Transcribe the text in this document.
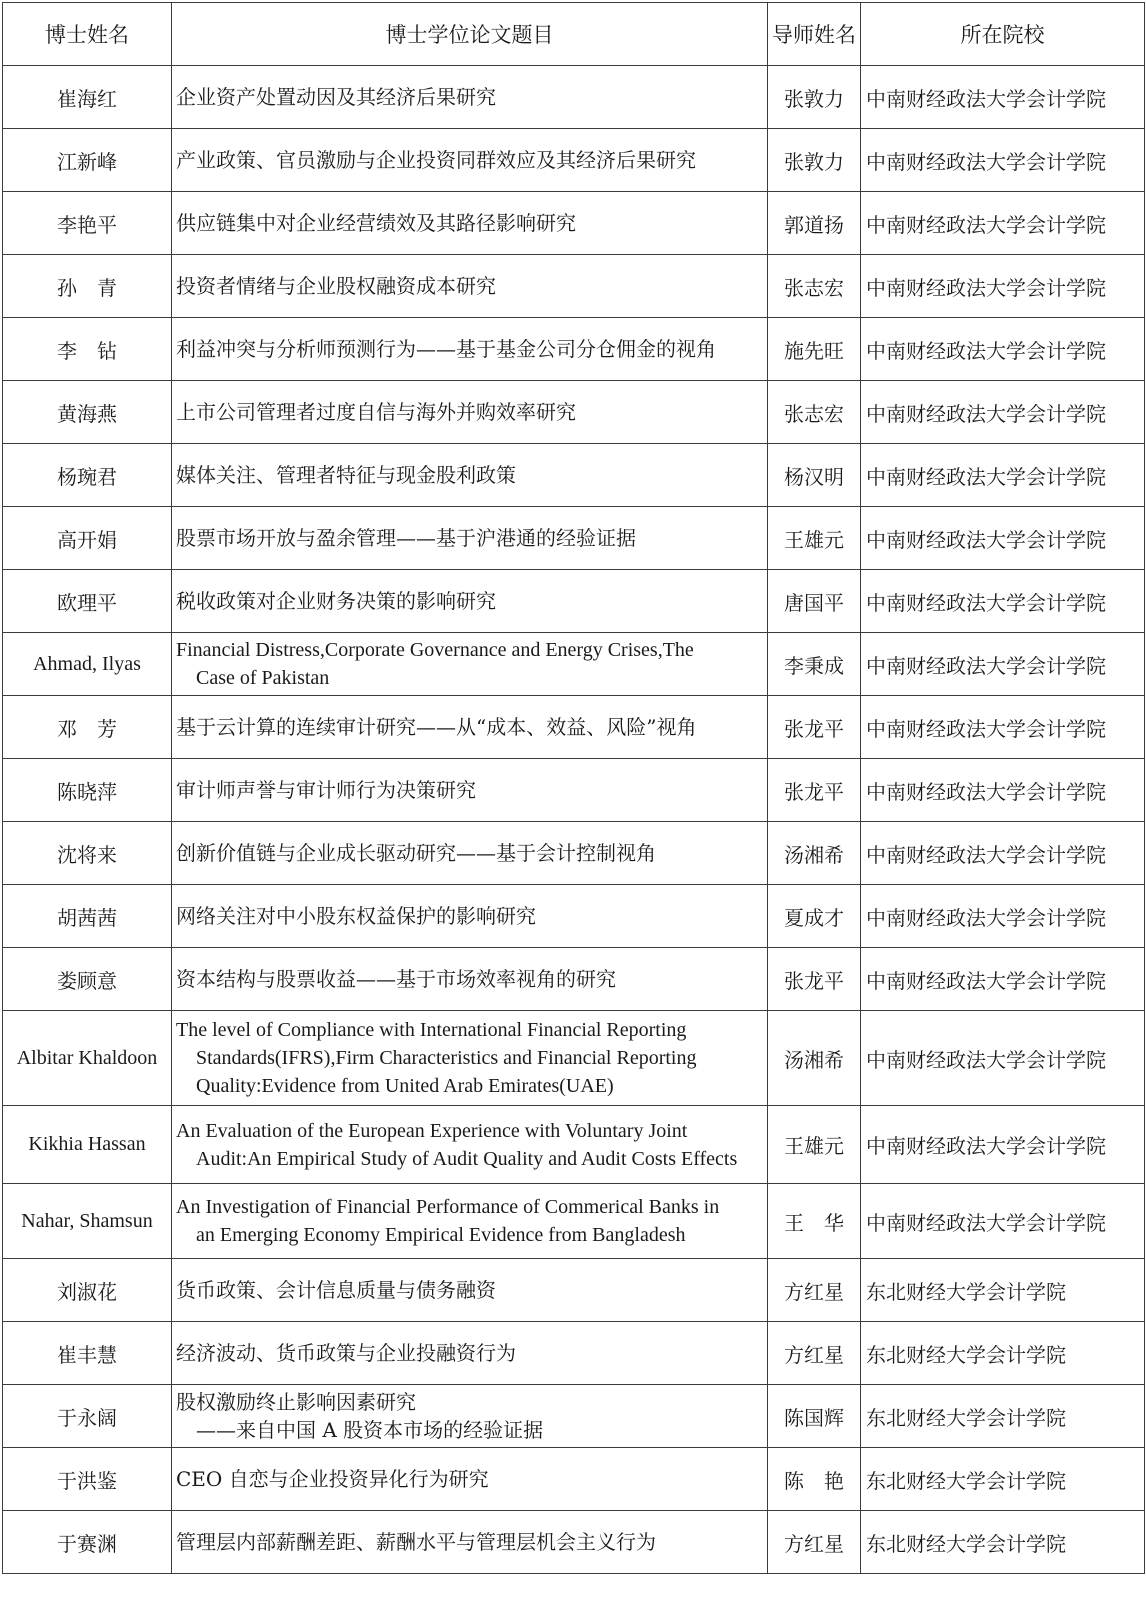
博士姓名	博士学位论文题目	导师姓名	所在院校
崔海红	企业资产处置动因及其经济后果研究	张敦力	中南财经政法大学会计学院
江新峰	产业政策、官员激励与企业投资同群效应及其经济后果研究	张敦力	中南财经政法大学会计学院
李艳平	供应链集中对企业经营绩效及其路径影响研究	郭道扬	中南财经政法大学会计学院
孙　青	投资者情绪与企业股权融资成本研究	张志宏	中南财经政法大学会计学院
李　钻	利益冲突与分析师预测行为——基于基金公司分仓佣金的视角	施先旺	中南财经政法大学会计学院
黄海燕	上市公司管理者过度自信与海外并购效率研究	张志宏	中南财经政法大学会计学院
杨琬君	媒体关注、管理者特征与现金股利政策	杨汉明	中南财经政法大学会计学院
高开娟	股票市场开放与盈余管理——基于沪港通的经验证据	王雄元	中南财经政法大学会计学院
欧理平	税收政策对企业财务决策的影响研究	唐国平	中南财经政法大学会计学院
Ahmad, Ilyas	Financial Distress,Corporate Governance and Energy Crises,The
Case of Pakistan	李秉成	中南财经政法大学会计学院
邓　芳	基于云计算的连续审计研究——从“成本、效益、风险”视角	张龙平	中南财经政法大学会计学院
陈晓萍	审计师声誉与审计师行为决策研究	张龙平	中南财经政法大学会计学院
沈将来	创新价值链与企业成长驱动研究——基于会计控制视角	汤湘希	中南财经政法大学会计学院
胡茜茜	网络关注对中小股东权益保护的影响研究	夏成才	中南财经政法大学会计学院
娄顾意	资本结构与股票收益——基于市场效率视角的研究	张龙平	中南财经政法大学会计学院
Albitar Khaldoon	The level of Compliance with International Financial Reporting
Standards(IFRS),Firm Characteristics and Financial Reporting
Quality:Evidence from United Arab Emirates(UAE)	汤湘希	中南财经政法大学会计学院
Kikhia Hassan	An Evaluation of the European Experience with Voluntary Joint
Audit:An Empirical Study of Audit Quality and Audit Costs Effects	王雄元	中南财经政法大学会计学院
Nahar, Shamsun	An Investigation of Financial Performance of Commerical Banks in
an Emerging Economy Empirical Evidence from Bangladesh	王　华	中南财经政法大学会计学院
刘淑花	货币政策、会计信息质量与债务融资	方红星	东北财经大学会计学院
崔丰慧	经济波动、货币政策与企业投融资行为	方红星	东北财经大学会计学院
于永阔	股权激励终止影响因素研究
——来自中国 A 股资本市场的经验证据	陈国辉	东北财经大学会计学院
于洪鉴	CEO 自恋与企业投资异化行为研究	陈　艳	东北财经大学会计学院
于赛渊	管理层内部薪酬差距、薪酬水平与管理层机会主义行为	方红星	东北财经大学会计学院
